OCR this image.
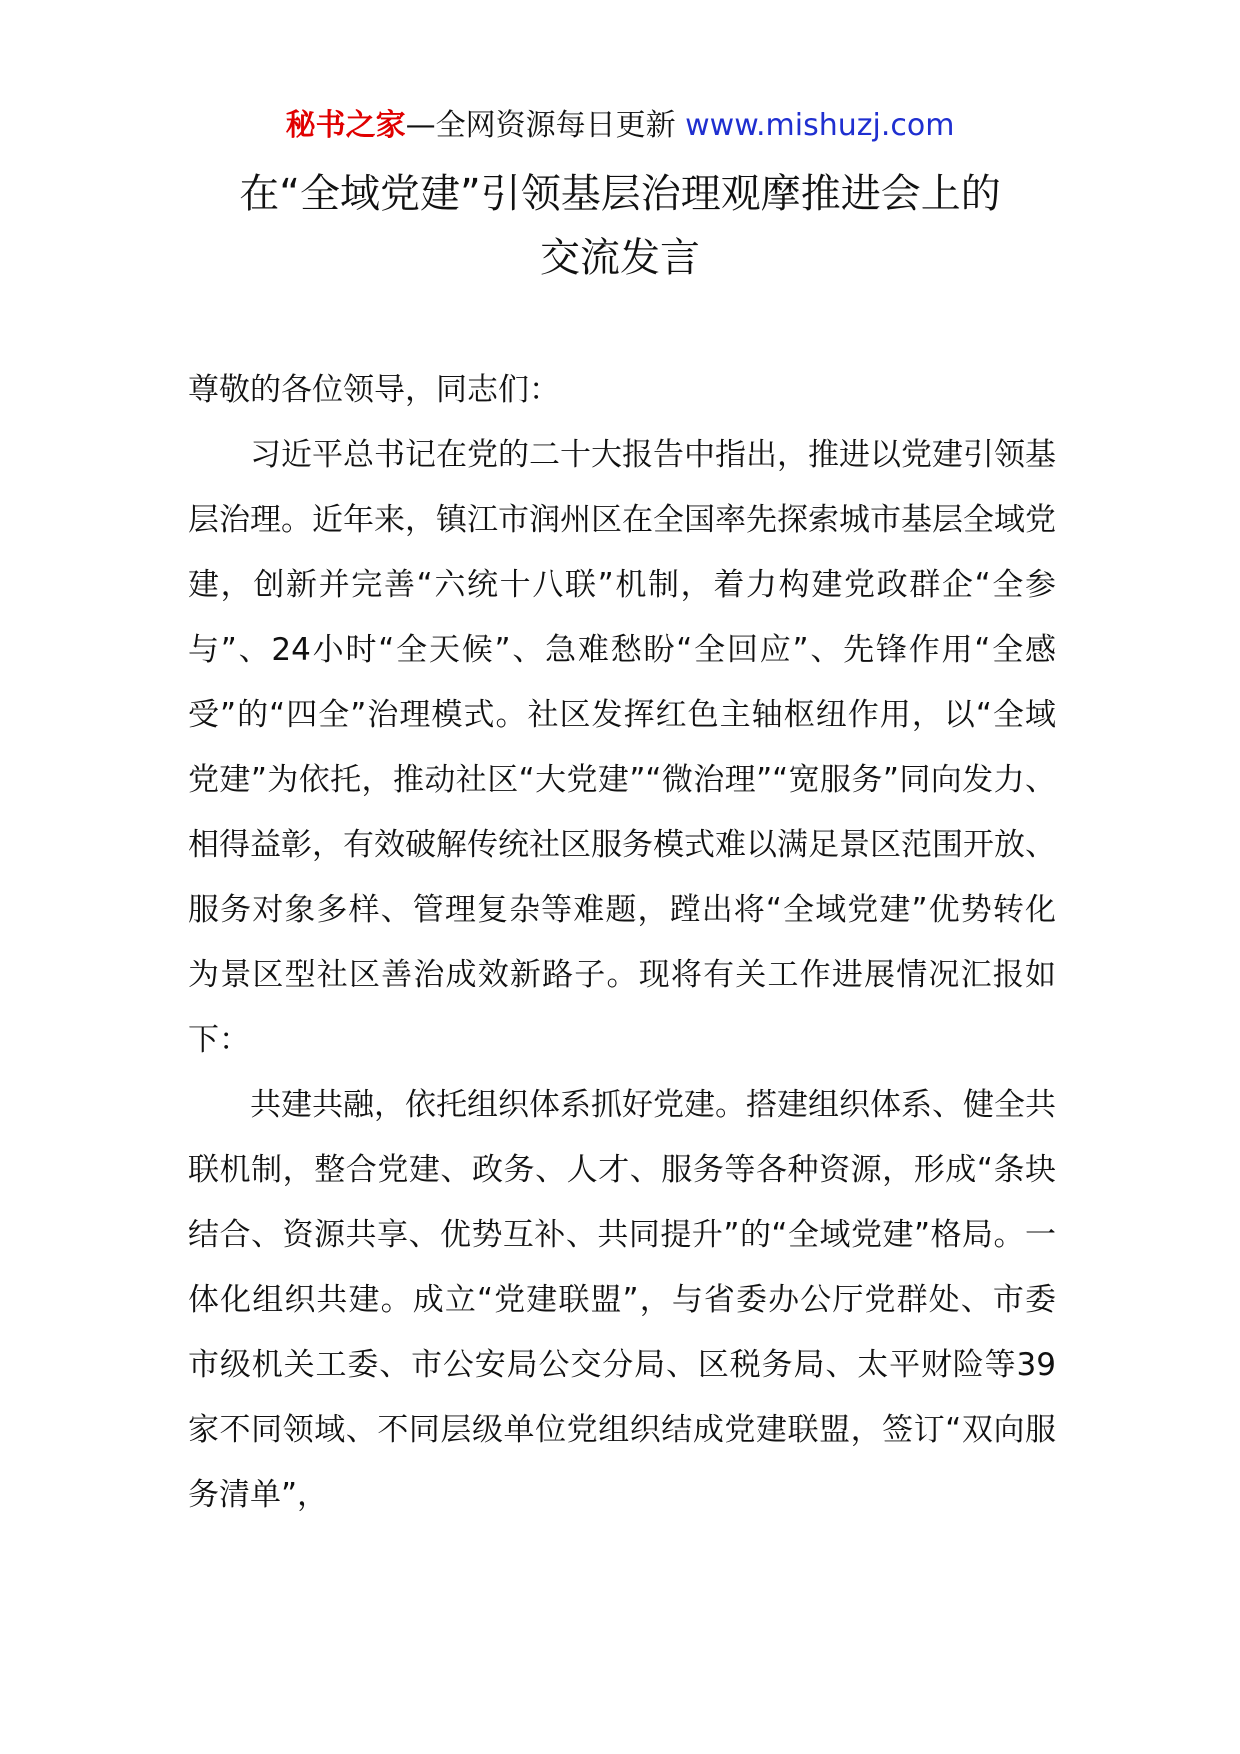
秘书之家—全网资源每日更新 www.mishuzj.com
在“全域党建”引领基层治理观摩推进会上的
交流发言

尊敬的各位领导，同志们：

习近平总书记在党的二十大报告中指出，推进以党建引领基层治理。近年来，镇江市润州区在全国率先探索城市基层全域党建，创新并完善“六统十八联”机制，着力构建党政群企“全参与”、24小时“全天候”、急难愁盼“全回应”、先锋作用“全感受”的“四全”治理模式。社区发挥红色主轴枢纽作用，以“全域党建”为依托，推动社区“大党建”“微治理”“宽服务”同向发力、相得益彰，有效破解传统社区服务模式难以满足景区范围开放、服务对象多样、管理复杂等难题，蹚出将“全域党建”优势转化为景区型社区善治成效新路子。现将有关工作进展情况汇报如下：

共建共融，依托组织体系抓好党建。搭建组织体系、健全共联机制，整合党建、政务、人才、服务等各种资源，形成“条块结合、资源共享、优势互补、共同提升”的“全域党建”格局。一体化组织共建。成立“党建联盟”，与省委办公厅党群处、市委市级机关工委、市公安局公交分局、区税务局、太平财险等39家不同领域、不同层级单位党组织结成党建联盟，签订“双向服务清单”，
